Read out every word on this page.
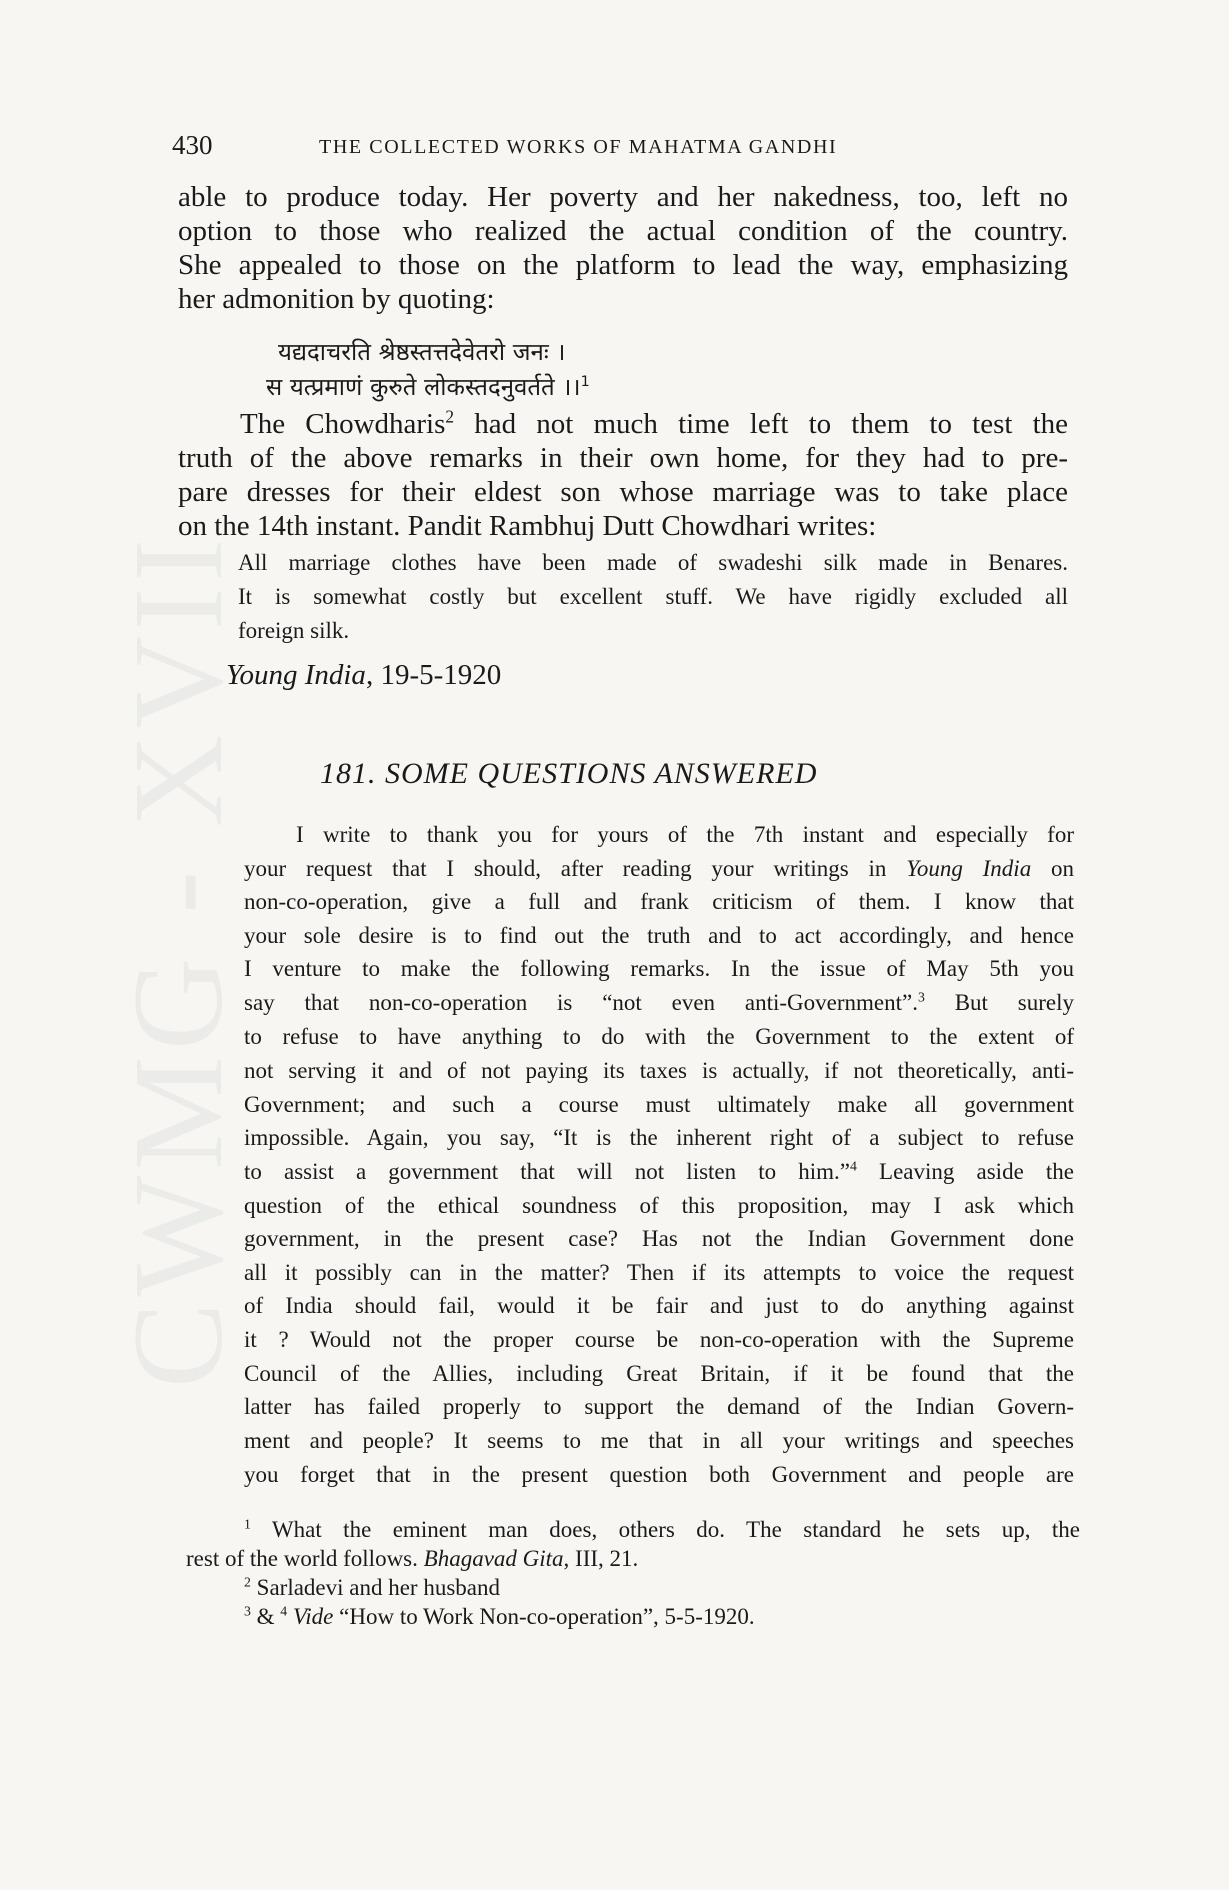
CWMG - XVII
430	THE COLLECTED WORKS OF MAHATMA GANDHI
able to produce today. Her poverty and her nakedness, too, left no
option to those who realized the actual condition of the country.
She appealed to those on the platform to lead the way, emphasizing
her admonition by quoting:
यद्यदाचरति श्रेष्ठस्तत्तदेवेतरो जनः ।
स यत्प्रमाणं कुरुते लोकस्तदनुवर्तते ।।$^1$
The Chowdharis$^2$ had not much time left to them to test the
truth of the above remarks in their own home, for they had to pre-
pare dresses for their eldest son whose marriage was to take place
on the 14th instant. Pandit Rambhuj Dutt Chowdhari writes:
All marriage clothes have been made of swadeshi silk made in Benares.
It is somewhat costly but excellent stuff. We have rigidly excluded all
foreign silk.
Young India, 19-5-1920
181. SOME QUESTIONS ANSWERED
I write to thank you for yours of the 7th instant and especially for
your request that I should, after reading your writings in Young India on
non-co-operation, give a full and frank criticism of them. I know that
your sole desire is to find out the truth and to act accordingly, and hence
I venture to make the following remarks. In the issue of May 5th you
say that non-co-operation is “not even anti-Government”.$^3$ But surely
to refuse to have anything to do with the Government to the extent of
not serving it and of not paying its taxes is actually, if not theoretically, anti-
Government; and such a course must ultimately make all government
impossible. Again, you say, “It is the inherent right of a subject to refuse
to assist a government that will not listen to him.”$^4$ Leaving aside the
question of the ethical soundness of this proposition, may I ask which
government, in the present case? Has not the Indian Government done
all it possibly can in the matter? Then if its attempts to voice the request
of India should fail, would it be fair and just to do anything against
it ? Would not the proper course be non-co-operation with the Supreme
Council of the Allies, including Great Britain, if it be found that the
latter has failed properly to support the demand of the Indian Govern-
ment and people? It seems to me that in all your writings and speeches
you forget that in the present question both Government and people are
$^1$ What the eminent man does, others do. The standard he sets up, the
rest of the world follows. Bhagavad Gita, III, 21.
$^2$ Sarladevi and her husband
$^3$ & $^4$ Vide “How to Work Non-co-operation”, 5-5-1920.
